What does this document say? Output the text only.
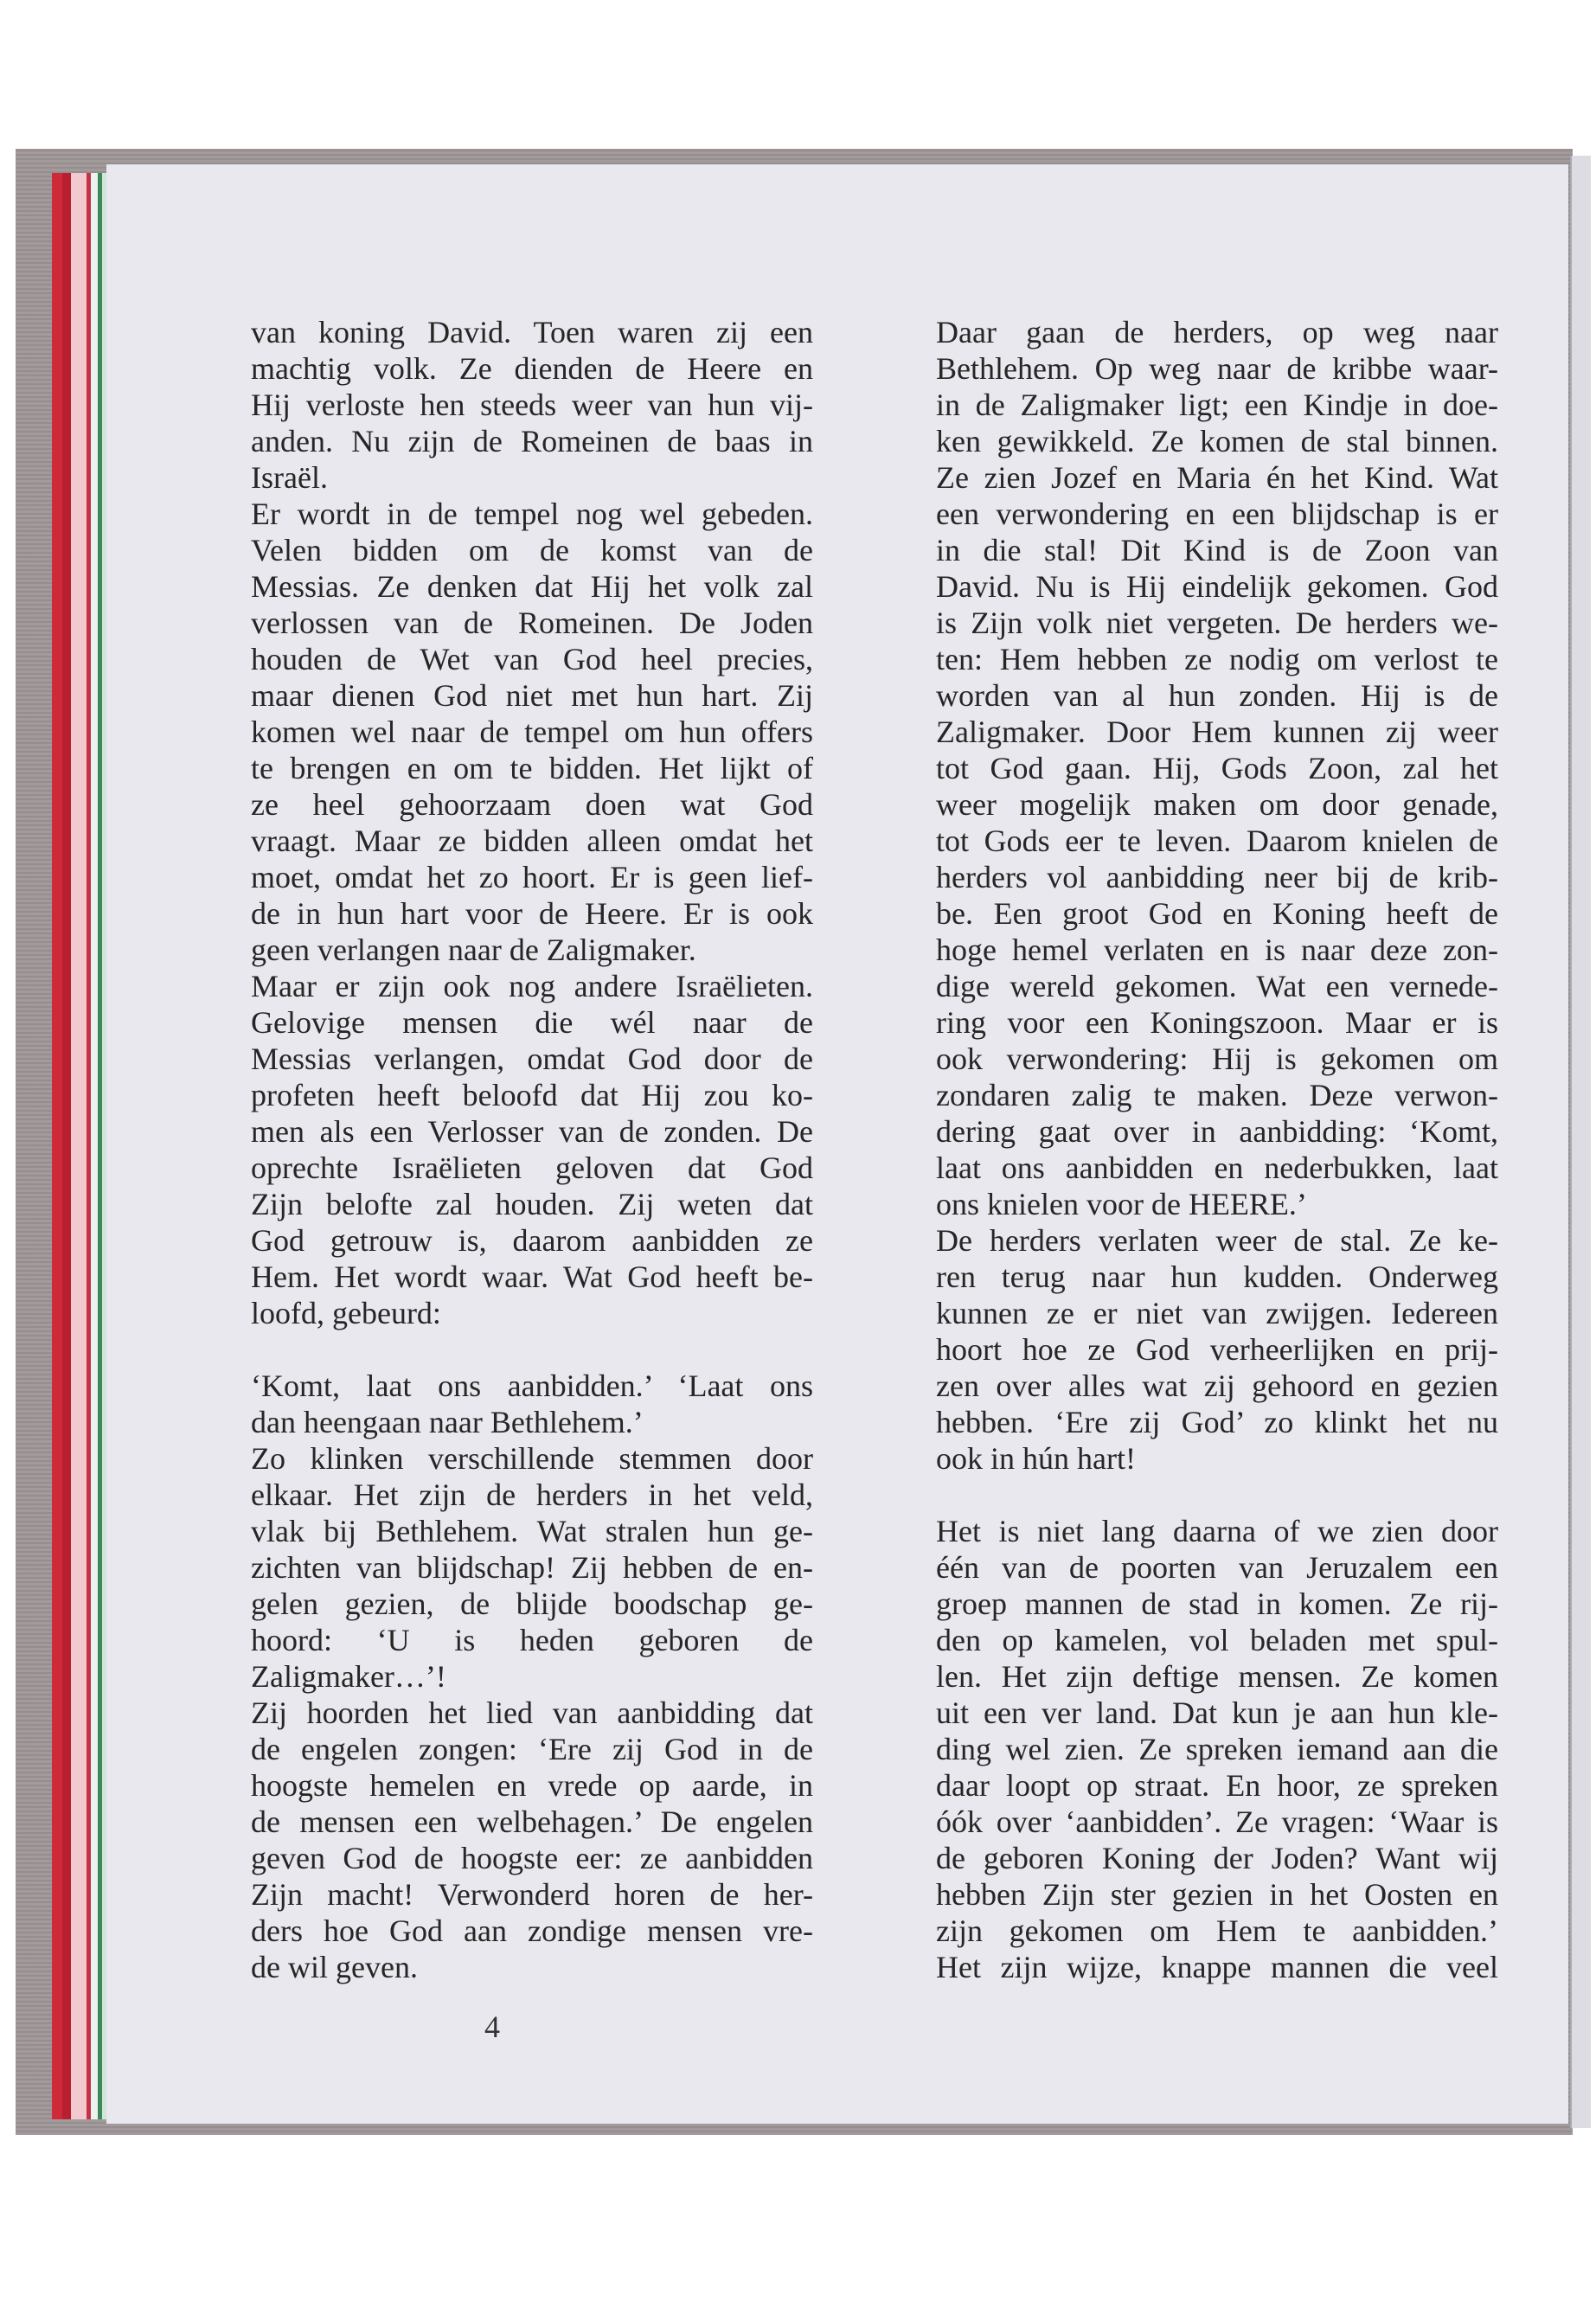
van koning David. Toen waren zij een
machtig volk. Ze dienden de Heere en
Hij verloste hen steeds weer van hun vij-
anden. Nu zijn de Romeinen de baas in
Israël.
Er wordt in de tempel nog wel gebeden.
Velen bidden om de komst van de
Messias. Ze denken dat Hij het volk zal
verlossen van de Romeinen. De Joden
houden de Wet van God heel precies,
maar dienen God niet met hun hart. Zij
komen wel naar de tempel om hun offers
te brengen en om te bidden. Het lijkt of
ze heel gehoorzaam doen wat God
vraagt. Maar ze bidden alleen omdat het
moet, omdat het zo hoort. Er is geen lief-
de in hun hart voor de Heere. Er is ook
geen verlangen naar de Zaligmaker.
Maar er zijn ook nog andere Israëlieten.
Gelovige mensen die wél naar de
Messias verlangen, omdat God door de
profeten heeft beloofd dat Hij zou ko-
men als een Verlosser van de zonden. De
oprechte Israëlieten geloven dat God
Zijn belofte zal houden. Zij weten dat
God getrouw is, daarom aanbidden ze
Hem. Het wordt waar. Wat God heeft be-
loofd, gebeurd:
‘Komt, laat ons aanbidden.’ ‘Laat ons
dan heengaan naar Bethlehem.’
Zo klinken verschillende stemmen door
elkaar. Het zijn de herders in het veld,
vlak bij Bethlehem. Wat stralen hun ge-
zichten van blijdschap! Zij hebben de en-
gelen gezien, de blijde boodschap ge-
hoord: ‘U is heden geboren de
Zaligmaker…’!
Zij hoorden het lied van aanbidding dat
de engelen zongen: ‘Ere zij God in de
hoogste hemelen en vrede op aarde, in
de mensen een welbehagen.’ De engelen
geven God de hoogste eer: ze aanbidden
Zijn macht! Verwonderd horen de her-
ders hoe God aan zondige mensen vre-
de wil geven.
Daar gaan de herders, op weg naar
Bethlehem. Op weg naar de kribbe waar-
in de Zaligmaker ligt; een Kindje in doe-
ken gewikkeld. Ze komen de stal binnen.
Ze zien Jozef en Maria én het Kind. Wat
een verwondering en een blijdschap is er
in die stal! Dit Kind is de Zoon van
David. Nu is Hij eindelijk gekomen. God
is Zijn volk niet vergeten. De herders we-
ten: Hem hebben ze nodig om verlost te
worden van al hun zonden. Hij is de
Zaligmaker. Door Hem kunnen zij weer
tot God gaan. Hij, Gods Zoon, zal het
weer mogelijk maken om door genade,
tot Gods eer te leven. Daarom knielen de
herders vol aanbidding neer bij de krib-
be. Een groot God en Koning heeft de
hoge hemel verlaten en is naar deze zon-
dige wereld gekomen. Wat een vernede-
ring voor een Koningszoon. Maar er is
ook verwondering: Hij is gekomen om
zondaren zalig te maken. Deze verwon-
dering gaat over in aanbidding: ‘Komt,
laat ons aanbidden en nederbukken, laat
ons knielen voor de HEERE.’
De herders verlaten weer de stal. Ze ke-
ren terug naar hun kudden. Onderweg
kunnen ze er niet van zwijgen. Iedereen
hoort hoe ze God verheerlijken en prij-
zen over alles wat zij gehoord en gezien
hebben. ‘Ere zij God’ zo klinkt het nu
ook in hún hart!
Het is niet lang daarna of we zien door
één van de poorten van Jeruzalem een
groep mannen de stad in komen. Ze rij-
den op kamelen, vol beladen met spul-
len. Het zijn deftige mensen. Ze komen
uit een ver land. Dat kun je aan hun kle-
ding wel zien. Ze spreken iemand aan die
daar loopt op straat. En hoor, ze spreken
óók over ‘aanbidden’. Ze vragen: ‘Waar is
de geboren Koning der Joden? Want wij
hebben Zijn ster gezien in het Oosten en
zijn gekomen om Hem te aanbidden.’
Het zijn wijze, knappe mannen die veel
4
